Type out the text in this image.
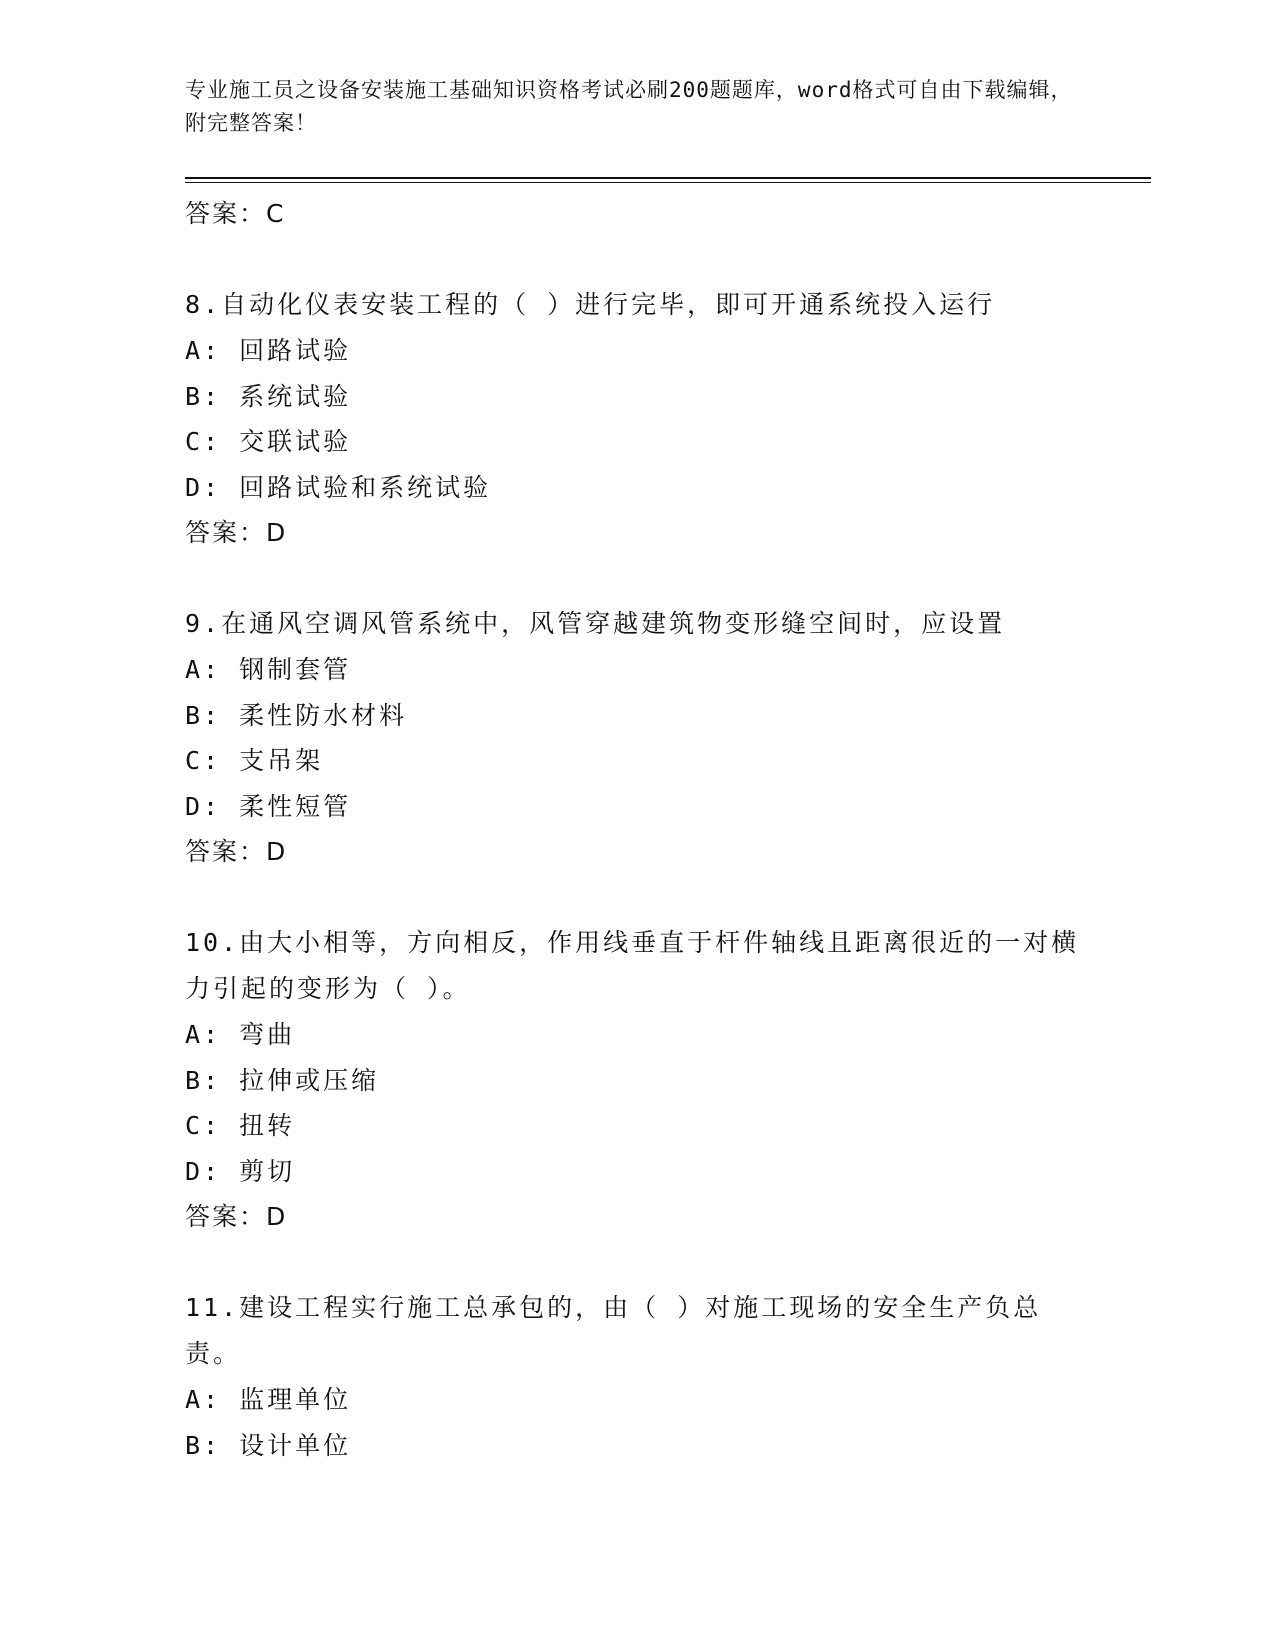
专业施工员之设备安装施工基础知识资格考试必刷200题题库，word格式可自由下载编辑，附完整答案！
答案：C
8.自动化仪表安装工程的（ ）进行完毕，即可开通系统投入运行
A: 回路试验
B: 系统试验
C: 交联试验
D: 回路试验和系统试验
答案：D
9.在通风空调风管系统中，风管穿越建筑物变形缝空间时，应设置
A: 钢制套管
B: 柔性防水材料
C: 支吊架
D: 柔性短管
答案：D
10.由大小相等，方向相反，作用线垂直于杆件轴线且距离很近的一对横力引起的变形为（ ）。
A: 弯曲
B: 拉伸或压缩
C: 扭转
D: 剪切
答案：D
11.建设工程实行施工总承包的，由（ ）对施工现场的安全生产负总责。
A: 监理单位
B: 设计单位
